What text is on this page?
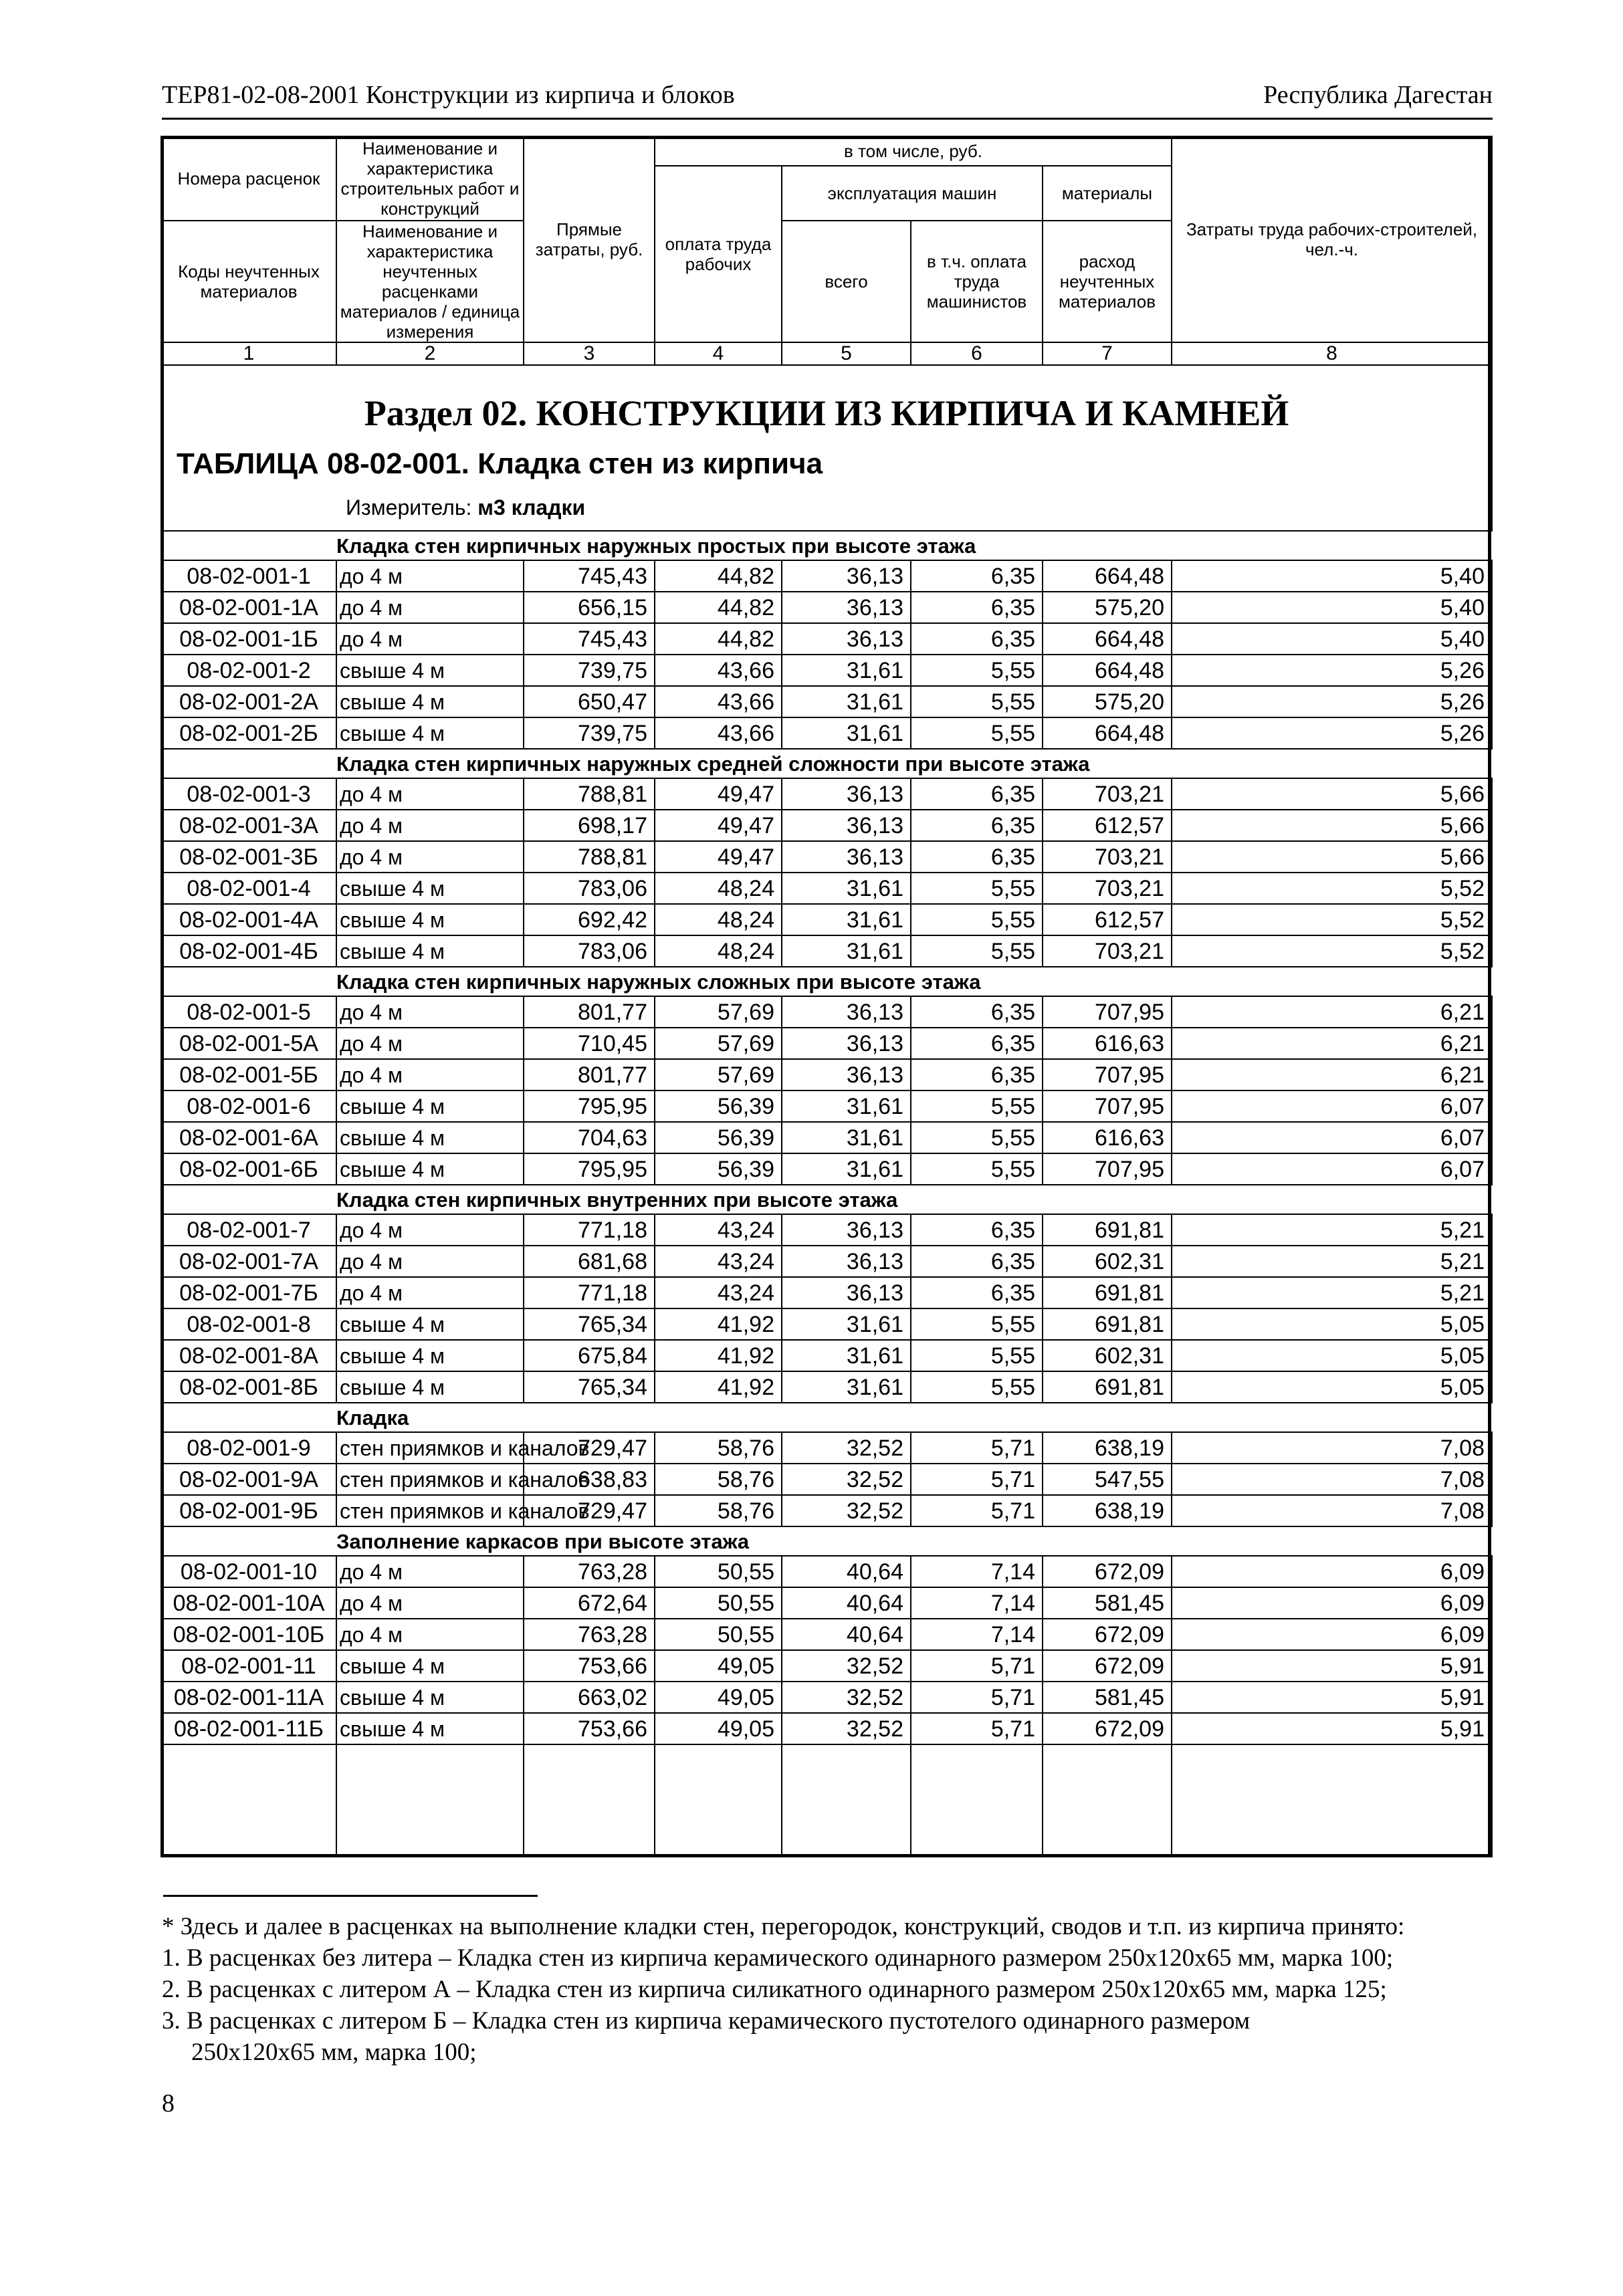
ТЕР81-02-08-2001 Конструкции из кирпича и блоков	Республика Дагестан
Номера расценок	Наименование и характеристика строительных работ и конструкций	Прямые затраты, руб.	в том числе, руб.				Затраты труда рабочих-строителей, чел.-ч.
			оплата труда рабочих	эксплуатация машин		материалы	
Коды неучтенных материалов	Наименование и характеристика неучтенных расценками материалов / единица измерения			всего	в т.ч. оплата труда машинистов	расход неучтенных материалов	

1	2	3	4	5	6	7	8

Раздел 02. КОНСТРУКЦИИ ИЗ КИРПИЧА И КАМНЕЙ
ТАБЛИЦА 08-02-001. Кладка стен из кирпича
Измеритель: м3 кладки							

Кладка стен кирпичных наружных простых при высоте этажа							
08-02-001-1	до 4 м	745,43	44,82	36,13	6,35	664,48	5,40
08-02-001-1А	до 4 м	656,15	44,82	36,13	6,35	575,20	5,40
08-02-001-1Б	до 4 м	745,43	44,82	36,13	6,35	664,48	5,40
08-02-001-2	свыше 4 м	739,75	43,66	31,61	5,55	664,48	5,26
08-02-001-2А	свыше 4 м	650,47	43,66	31,61	5,55	575,20	5,26
08-02-001-2Б	свыше 4 м	739,75	43,66	31,61	5,55	664,48	5,26
Кладка стен кирпичных наружных средней сложности при высоте этажа							
08-02-001-3	до 4 м	788,81	49,47	36,13	6,35	703,21	5,66
08-02-001-3А	до 4 м	698,17	49,47	36,13	6,35	612,57	5,66
08-02-001-3Б	до 4 м	788,81	49,47	36,13	6,35	703,21	5,66
08-02-001-4	свыше 4 м	783,06	48,24	31,61	5,55	703,21	5,52
08-02-001-4А	свыше 4 м	692,42	48,24	31,61	5,55	612,57	5,52
08-02-001-4Б	свыше 4 м	783,06	48,24	31,61	5,55	703,21	5,52
Кладка стен кирпичных наружных сложных при высоте этажа							
08-02-001-5	до 4 м	801,77	57,69	36,13	6,35	707,95	6,21
08-02-001-5А	до 4 м	710,45	57,69	36,13	6,35	616,63	6,21
08-02-001-5Б	до 4 м	801,77	57,69	36,13	6,35	707,95	6,21
08-02-001-6	свыше 4 м	795,95	56,39	31,61	5,55	707,95	6,07
08-02-001-6А	свыше 4 м	704,63	56,39	31,61	5,55	616,63	6,07
08-02-001-6Б	свыше 4 м	795,95	56,39	31,61	5,55	707,95	6,07
Кладка стен кирпичных внутренних при высоте этажа							
08-02-001-7	до 4 м	771,18	43,24	36,13	6,35	691,81	5,21
08-02-001-7А	до 4 м	681,68	43,24	36,13	6,35	602,31	5,21
08-02-001-7Б	до 4 м	771,18	43,24	36,13	6,35	691,81	5,21
08-02-001-8	свыше 4 м	765,34	41,92	31,61	5,55	691,81	5,05
08-02-001-8А	свыше 4 м	675,84	41,92	31,61	5,55	602,31	5,05
08-02-001-8Б	свыше 4 м	765,34	41,92	31,61	5,55	691,81	5,05
Кладка							
08-02-001-9	стен приямков и каналов	729,47	58,76	32,52	5,71	638,19	7,08
08-02-001-9А	стен приямков и каналов	638,83	58,76	32,52	5,71	547,55	7,08
08-02-001-9Б	стен приямков и каналов	729,47	58,76	32,52	5,71	638,19	7,08
Заполнение каркасов при высоте этажа							
08-02-001-10	до 4 м	763,28	50,55	40,64	7,14	672,09	6,09
08-02-001-10А	до 4 м	672,64	50,55	40,64	7,14	581,45	6,09
08-02-001-10Б	до 4 м	763,28	50,55	40,64	7,14	672,09	6,09
08-02-001-11	свыше 4 м	753,66	49,05	32,52	5,71	672,09	5,91
08-02-001-11А	свыше 4 м	663,02	49,05	32,52	5,71	581,45	5,91
08-02-001-11Б	свыше 4 м	753,66	49,05	32,52	5,71	672,09	5,91

* Здесь и далее в расценках на выполнение кладки стен, перегородок, конструкций, сводов и т.п. из кирпича принято:

1. В расценках без литера – Кладка стен из кирпича керамического одинарного размером 250x120x65 мм, марка 100;

2. В расценках с литером А – Кладка стен из кирпича силикатного одинарного размером 250x120x65 мм, марка 125;

3. В расценках с литером Б – Кладка стен из кирпича керамического пустотелого одинарного размером

250x120x65 мм, марка 100;

8
